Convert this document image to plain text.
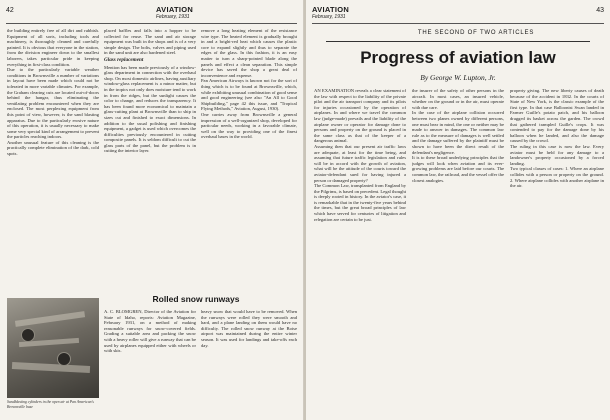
42	AVIATION
February, 1931

the building entirely free of all dirt and rubbish. Equipment of all sorts, including tools and machinery, is thoroughly cleaned and carefully painted. It is obvious that everyone in the station, from the division engineer down to the smallest laborers, takes particular pride in keeping everything in first-class condition.

Due to the particularly variable weather conditions in Brownsville a number of variations in layout have been made which could not be tolerated in more variable climates. For example, the Graham clearing cuts are located out-of-doors behind the hangar, thus eliminating the ventilating problem encountered when they are enclosed. The most perplexing equipment from this point of view, however, is the sand blasting apparatus. Due to the particularly erosive nature of this operation, it is usually necessary to make some very special kind of arrangement to prevent the particles reaching indoors.

Another unusual feature of this cleaning is the practically complete elimination of the dark, cold spots.

placed baffles and falls into a hopper to be collected for reuse. The sand and air storage equipment was built in the shops and is of a very simple design. The bolts, valves and piping used in the sand unit are also hardened steel.

Glass replacement

Mention has been made previously of a window-glass department in connection with the overhaul shop. On most domestic airlines, having auxiliary window-glass replacement is a minor matter, but in the tropics not only does moisture tend to work in from the ridges, but the sunlight causes the color to change, and reduces the transparency. It has been found more economical to maintain a glass-cutting plant at Brownsville than to ship in sizes cut and finished to exact dimensions. In addition to the usual polishing and finishing equipment, a gadget is used which overcomes the difficulties previously encountered in cutting composite panels. It is seldom difficult to cut the glass parts of the panel, but the problem is in cutting the interior layer.

remove a long heating element of the resistance wire type. The heated element is gradually brought in and a bright-red heat which causes the plastic core to expand slightly and thus to separate the edges of the glass. In this fashion, it is an easy matter to turn a sharp-pointed blade along the panels and effect a clean separation. This simple device has saved the shop a great deal of inconvenience and expense.

Pan American Airways is known not for the sort of thing which is to be found at Brownsville, which, while exhibiting unusual combination of good sense and good engineering (see also "An All to Good Shipbuilding," page 42 this issue, and "Tropical Flying Methods," Aviation, August, 1930).

One carries away from Brownsville a general impression of a well-organized shop, developed for particular needs, working in a favorable climate, well on the way to providing one of the finest overhaul bases in the world.

Sandblasting cylinders in the open air at Pan American's Brownsville base
Rolled snow runways

A. C. BLOMGREN, Director of the Aviation for State of Idaho, reports: Aviation Magazine, February 1931, on a method of making reasonable runways for snow-covered fields. Grading a suitable area and packing the snow with a heavy roller will give a runway that can be used by airplanes equipped either with wheels or with skis.

heavy snow that would have to be removed. When the runways were rolled they were smooth and hard, and a plane landing on them would have no difficulty. The rolled snow runway at the Boise airport was maintained during the entire winter season. It was used for landings and take-offs each day.

AVIATION
February, 1931
43
THE SECOND OF TWO ARTICLES
Progress of aviation law
By George W. Lupton, Jr.

AN EXAMINATION reveals a clear statement of the law with respect to the liability of the private pilot and the air transport company and its pilots for injuries occasioned by the operation of airplanes. In and where we travel the common law (judge-made) prevails and the liability of the airplane owner or operator for damage done to persons and property on the ground is placed in the same class as that of the keeper of a dangerous animal.

Assuming then that our present air traffic laws are adequate, at least for the time being, and assuming that future traffic legislation and rules will be in accord with the growth of aviation, what will be the attitude of the courts toward the aviator-defendant sued for having injured a person or damaged property?

The Common Law, transplanted from England by the Pilgrims, is based on precedent. Legal thought is deeply rooted in history. In the aviator's case, it is remarkable that in the twenty-five years behind the times, but the great broad principles of law which have served for centuries of litigation and relegation are certain to be just.

the insurer of the safety of other persons in the aircraft. In most cases, an insured vehicle, whether on the ground or in the air, must operate with due care.

In the case of the airplane collision occurred between two planes owned by different persons, one must bear in mind, the one or neither may be made to answer in damages. The common law rule as to the measure of damages is well settled and the damage suffered by the plaintiff must be shown to have been the direct result of the defendant's negligence.

It is to these broad underlying principles that the judges will look when aviation and its ever-growing problems are laid before our courts. The common law, the railroad, and the vessel offer the closest analogies.

property giving. The new liberty causes of death because of the accident in 1832. In the courts of State of New York, is the classic example of the first type. In that case Balloonist Swan landed in Farmer Guille's potato patch, and his balloon dragged its basket across the garden. The crowd that gathered trampled Guille's crops. It was contended to pay for the damage done by his balloon when he landed, and also the damage caused by the crowd.

The ruling in this case is now the law. Every aviator must be held for any damage to a landowner's property occasioned by a forced landing.

Two typical classes of cases: 1. Where an airplane collides with a person or property on the ground. 2. Where airplane collides with another airplane in the air.
